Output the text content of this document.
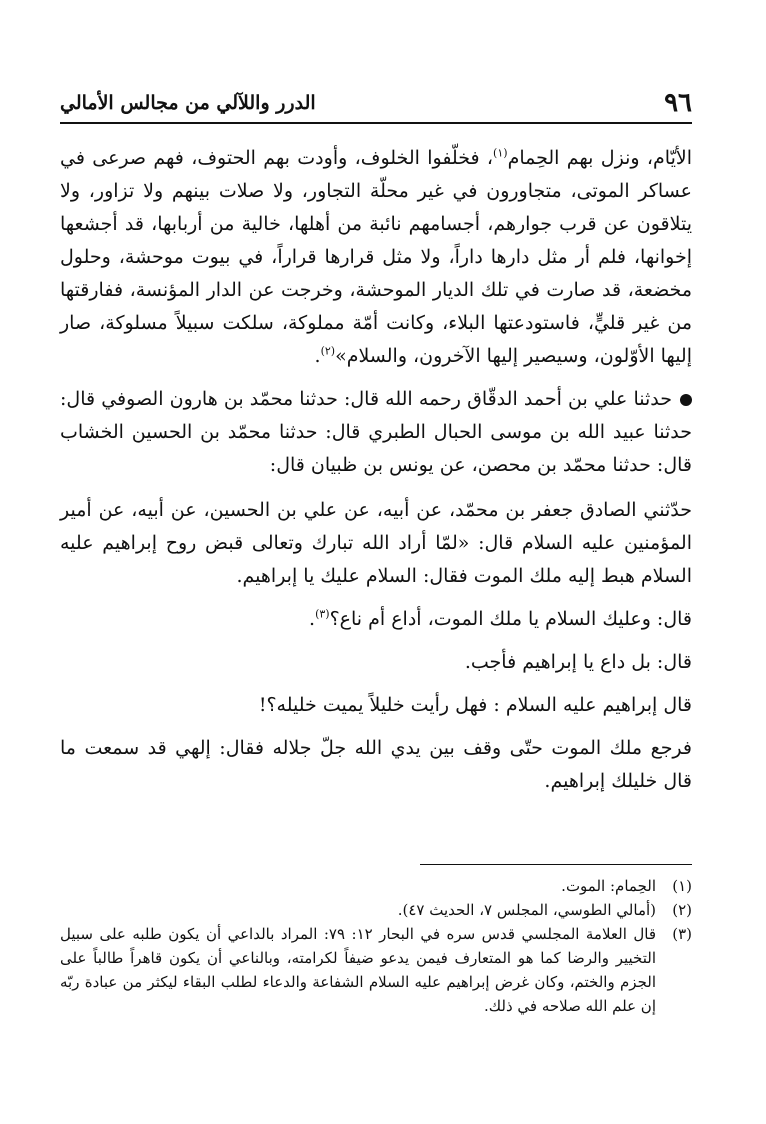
٩٦
الدرر واللآلي من مجالس الأمالي

الأيّام، ونزل بهم الحِمام$^{(١)}$، فخلّفوا الخلوف، وأودت بهم الحتوف، فهم صرعى في عساكر الموتى، متجاورون في غير محلّة التجاور، ولا صلات بينهم ولا تزاور، ولا يتلاقون عن قرب جوارهم، أجسامهم نائبة من أهلها، خالية من أربابها، قد أجشعها إخوانها، فلم أر مثل دارها داراً، ولا مثل قرارها قراراً، في بيوت موحشة، وحلول مخضعة، قد صارت في تلك الديار الموحشة، وخرجت عن الدار المؤنسة، ففارقتها من غير قليٍّ، فاستودعتها البلاء، وكانت أمّة مملوكة، سلكت سبيلاً مسلوكة، صار إليها الأوّلون، وسيصير إليها الآخرون، والسلام»$^{(٢)}$.

حدثنا علي بن أحمد الدقّاق رحمه الله قال: حدثنا محمّد بن هارون الصوفي قال: حدثنا عبيد الله بن موسى الحبال الطبري قال: حدثنا محمّد بن الحسين الخشاب قال: حدثنا محمّد بن محصن، عن يونس بن ظبيان قال:

حدّثني الصادق جعفر بن محمّد، عن أبيه، عن علي بن الحسين، عن أبيه، عن أمير المؤمنين عليه السلام قال: «لمّا أراد الله تبارك وتعالى قبض روح إبراهيم عليه السلام هبط إليه ملك الموت فقال: السلام عليك يا إبراهيم.

قال: وعليك السلام يا ملك الموت، أداع أم ناع؟$^{(٣)}$.

قال: بل داع يا إبراهيم فأجب.

قال إبراهيم عليه السلام : فهل رأيت خليلاً يميت خليله؟!

فرجع ملك الموت حتّى وقف بين يدي الله جلّ جلاله فقال: إلهي قد سمعت ما قال خليلك إبراهيم.

(١)
الحِمام: الموت.
(٢)
(أمالي الطوسي، المجلس ٧، الحديث ٤٧).
(٣)
قال العلامة المجلسي قدس سره في البحار ١٢: ٧٩: المراد بالداعي أن يكون طلبه على سبيل التخيير والرضا كما هو المتعارف فيمن يدعو ضيفاً لكرامته، وبالناعي أن يكون قاهراً طالباً على الجزم والختم، وكان غرض إبراهيم عليه السلام الشفاعة والدعاء لطلب البقاء ليكثر من عبادة ربّه إن علم الله صلاحه في ذلك.
